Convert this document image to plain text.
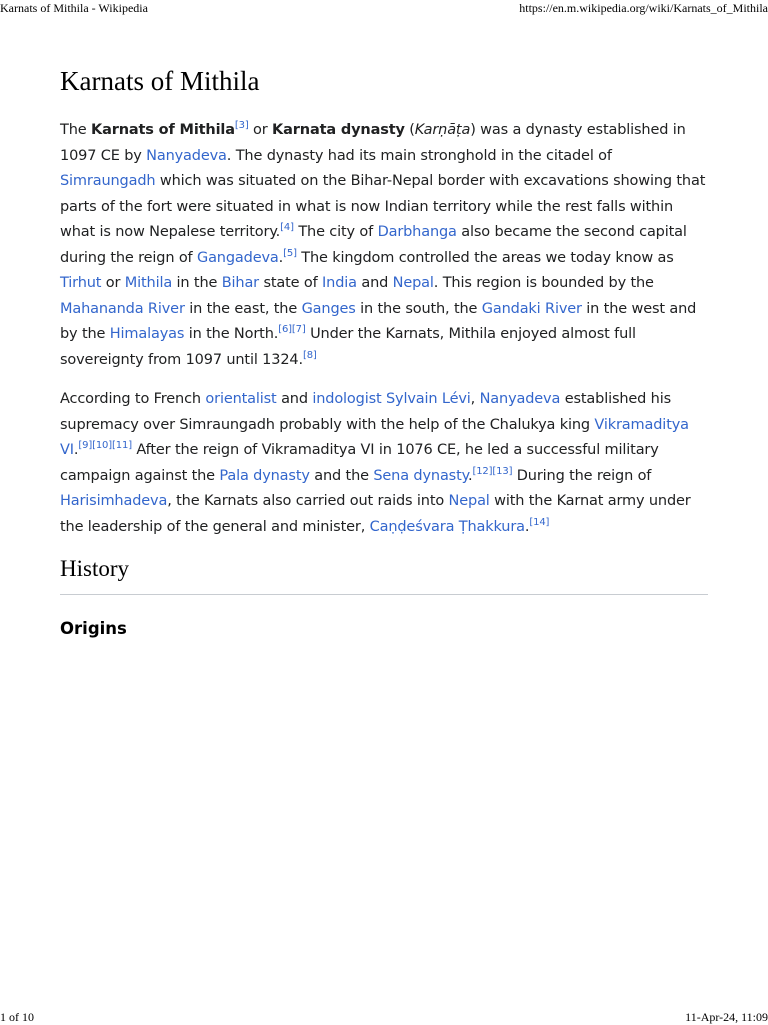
Karnats of Mithila - Wikipedia	https://en.m.wikipedia.org/wiki/Karnats_of_Mithila
Karnats of Mithila

The Karnats of Mithila[3] or Karnata dynasty (Karṇāṭa) was a dynasty established in 1097 CE by Nanyadeva. The dynasty had its main stronghold in the citadel of Simraungadh which was situated on the Bihar-Nepal border with excavations showing that parts of the fort were situated in what is now Indian territory while the rest falls within what is now Nepalese territory.[4] The city of Darbhanga also became the second capital during the reign of Gangadeva.[5] The kingdom controlled the areas we today know as Tirhut or Mithila in the Bihar state of India and Nepal. This region is bounded by the Mahananda River in the east, the Ganges in the south, the Gandaki River in the west and by the Himalayas in the North.[6][7] Under the Karnats, Mithila enjoyed almost full sovereignty from 1097 until 1324.[8]

According to French orientalist and indologist Sylvain Lévi, Nanyadeva established his supremacy over Simraungadh probably with the help of the Chalukya king Vikramaditya VI.[9][10][11] After the reign of Vikramaditya VI in 1076 CE, he led a successful military campaign against the Pala dynasty and the Sena dynasty.[12][13] During the reign of Harisimhadeva, the Karnats also carried out raids into Nepal with the Karnat army under the leadership of the general and minister, Caṇḍeśvara Ṭhakkura.[14]

History
Origins
1 of 10	11-Apr-24, 11:09
